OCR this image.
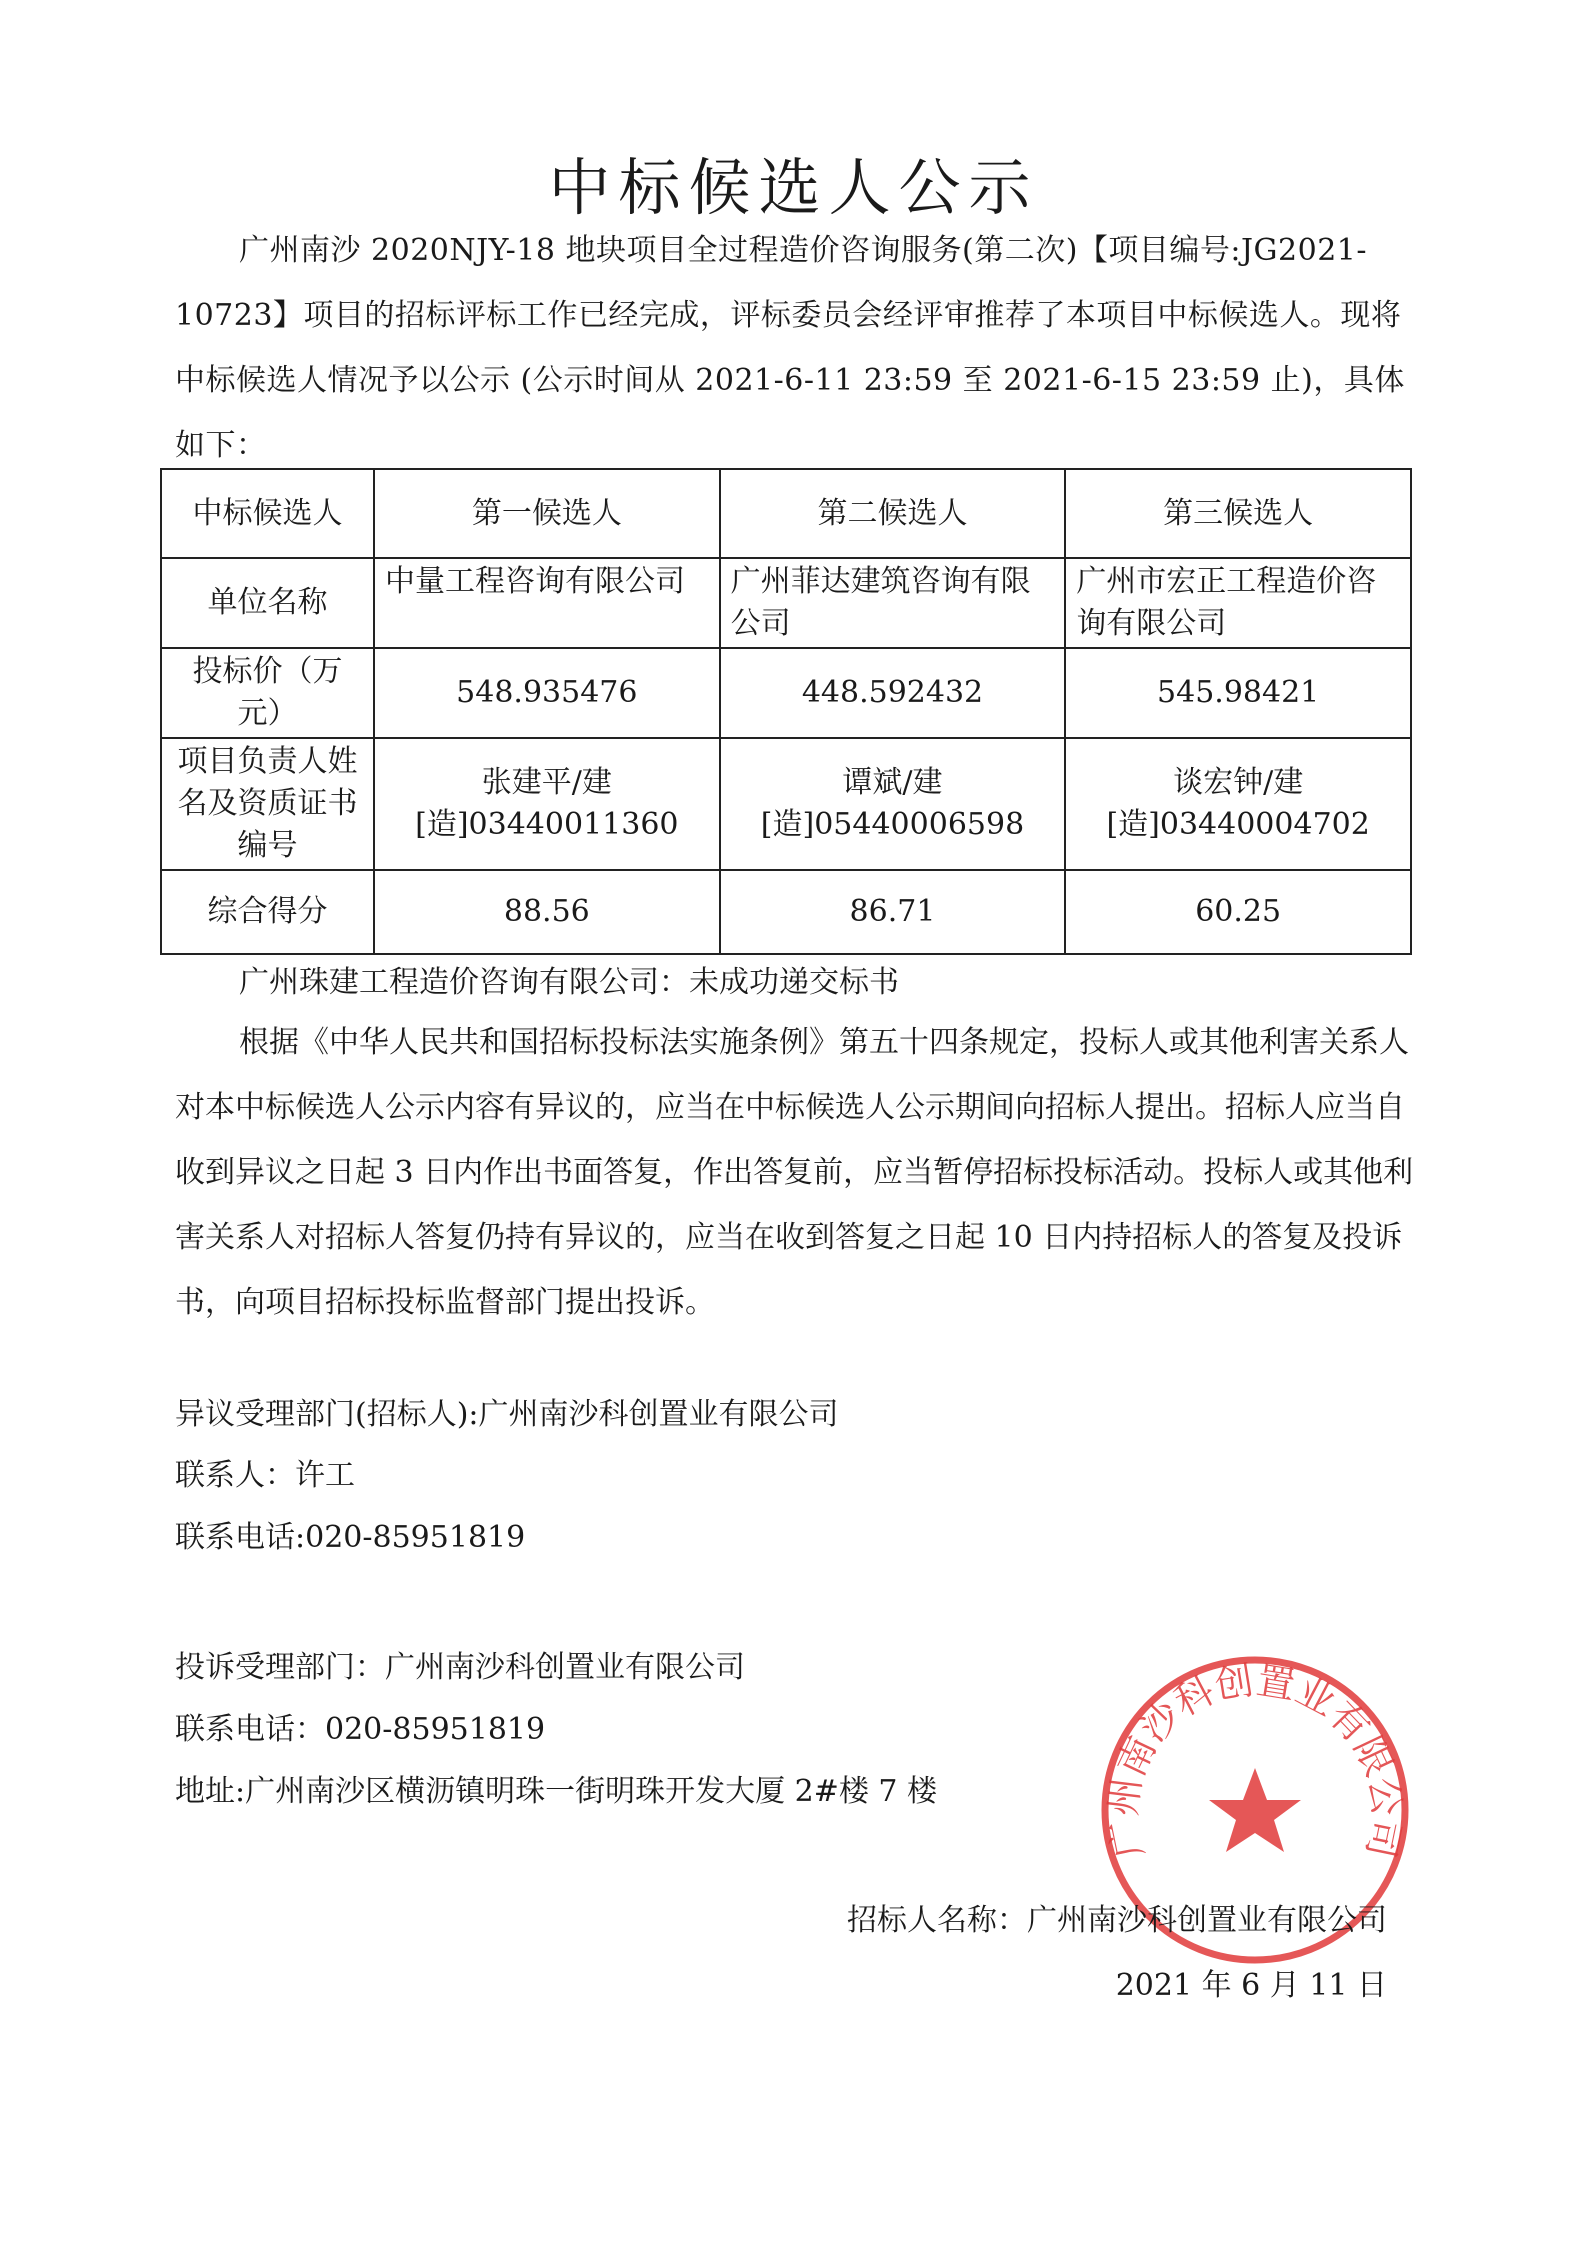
中标候选人公示

广州南沙 2020NJY-18 地块项目全过程造价咨询服务(第二次)【项目编号:JG2021-10723】项目的招标评标工作已经完成，评标委员会经评审推荐了本项目中标候选人。现将中标候选人情况予以公示 (公示时间从 2021-6-11 23:59 至 2021-6-15 23:59 止)，具体如下：

中标候选人	第一候选人	第二候选人	第三候选人
单位名称	中量工程咨询有限公司	广州菲达建筑咨询有限公司	广州市宏正工程造价咨询有限公司
投标价（万元）	548.935476	448.592432	545.98421
项目负责人姓名及资质证书编号	张建平/建[造]03440011360	谭斌/建[造]05440006598	谈宏钟/建[造]03440004702
综合得分	88.56	86.71	60.25

广州珠建工程造价咨询有限公司：未成功递交标书

根据《中华人民共和国招标投标法实施条例》第五十四条规定，投标人或其他利害关系人对本中标候选人公示内容有异议的，应当在中标候选人公示期间向招标人提出。招标人应当自收到异议之日起 3 日内作出书面答复，作出答复前，应当暂停招标投标活动。投标人或其他利害关系人对招标人答复仍持有异议的，应当在收到答复之日起 10 日内持招标人的答复及投诉书，向项目招标投标监督部门提出投诉。

异议受理部门(招标人):广州南沙科创置业有限公司
联系人：许工
联系电话:020-85951819
投诉受理部门：广州南沙科创置业有限公司
联系电话：020-85951819
地址:广州南沙区横沥镇明珠一街明珠开发大厦 2#楼 7 楼
广州南沙科创置业有限公司
招标人名称：广州南沙科创置业有限公司
2021 年 6 月 11 日
